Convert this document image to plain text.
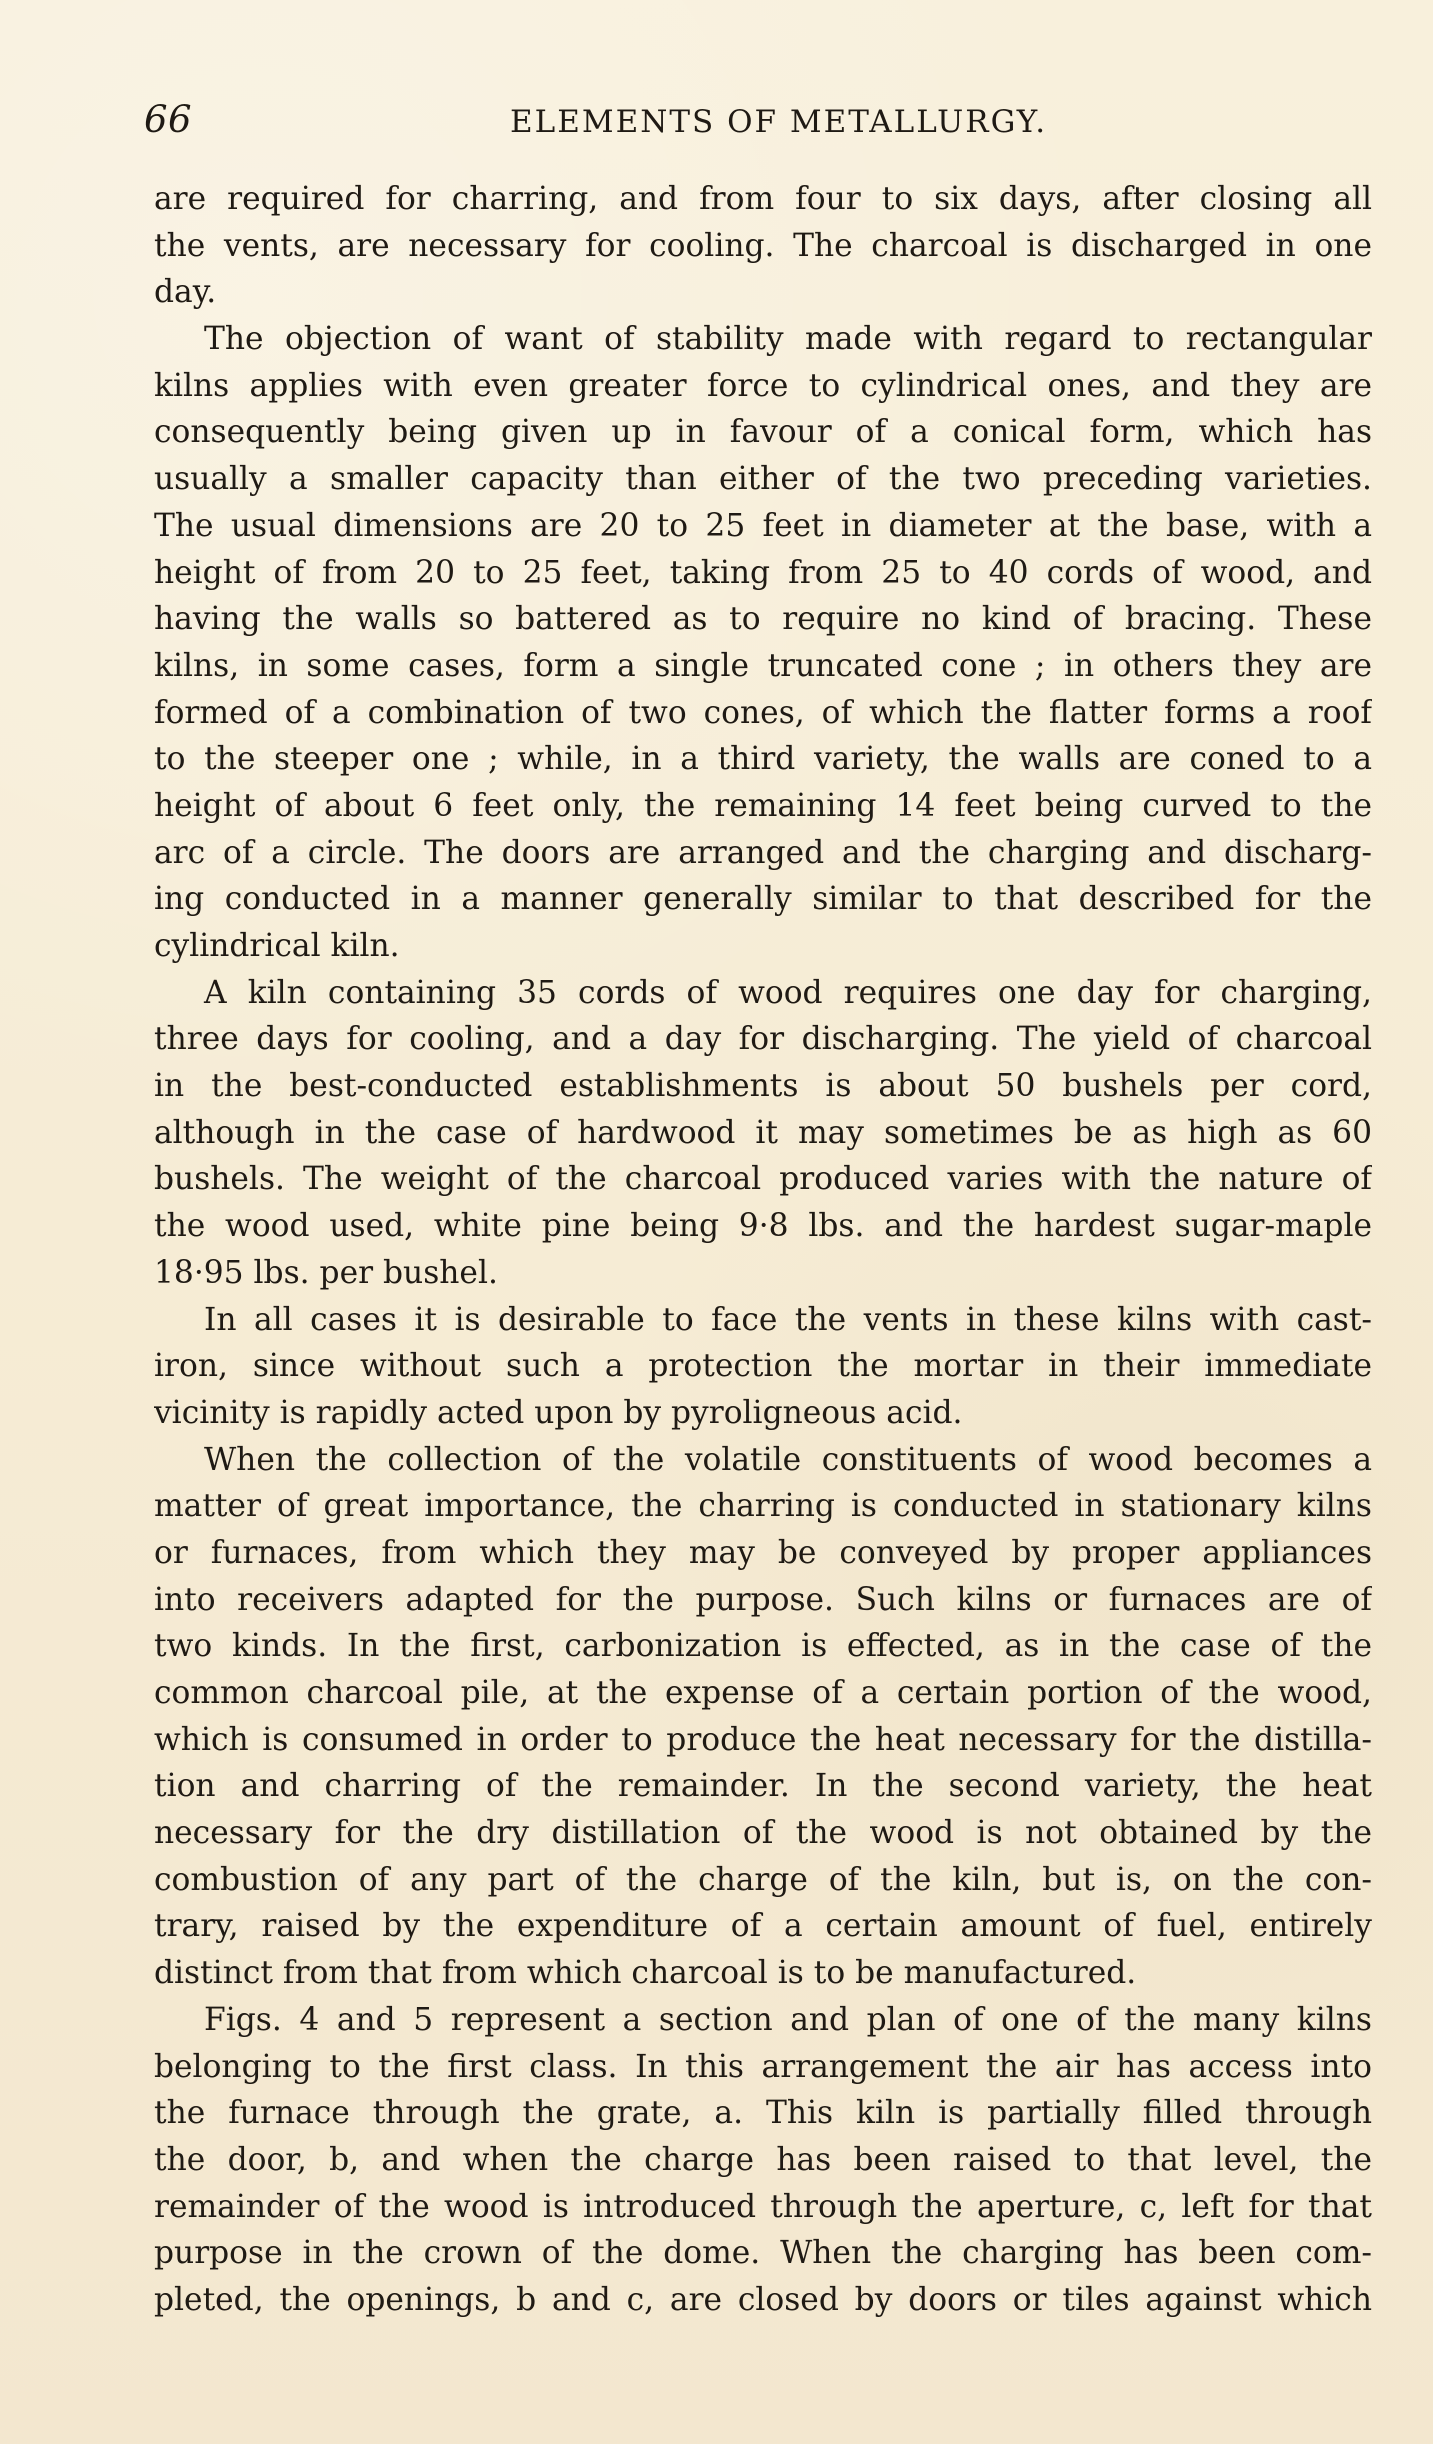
66	ELEMENTS OF METALLURGY.
are required for charring, and from four to six days, after closing all
the vents, are necessary for cooling. The charcoal is discharged in one
day.
The objection of want of stability made with regard to rectangular
kilns applies with even greater force to cylindrical ones, and they are
consequently being given up in favour of a conical form, which has
usually a smaller capacity than either of the two preceding varieties.
The usual dimensions are 20 to 25 feet in diameter at the base, with a
height of from 20 to 25 feet, taking from 25 to 40 cords of wood, and
having the walls so battered as to require no kind of bracing. These
kilns, in some cases, form a single truncated cone ; in others they are
formed of a combination of two cones, of which the flatter forms a roof
to the steeper one ; while, in a third variety, the walls are coned to a
height of about 6 feet only, the remaining 14 feet being curved to the
arc of a circle. The doors are arranged and the charging and discharg-
ing conducted in a manner generally similar to that described for the
cylindrical kiln.
A kiln containing 35 cords of wood requires one day for charging,
three days for cooling, and a day for discharging. The yield of charcoal
in the best-conducted establishments is about 50 bushels per cord,
although in the case of hardwood it may sometimes be as high as 60
bushels. The weight of the charcoal produced varies with the nature of
the wood used, white pine being 9·8 lbs. and the hardest sugar-maple
18·95 lbs. per bushel.
In all cases it is desirable to face the vents in these kilns with cast-
iron, since without such a protection the mortar in their immediate
vicinity is rapidly acted upon by pyroligneous acid.
When the collection of the volatile constituents of wood becomes a
matter of great importance, the charring is conducted in stationary kilns
or furnaces, from which they may be conveyed by proper appliances
into receivers adapted for the purpose. Such kilns or furnaces are of
two kinds. In the first, carbonization is effected, as in the case of the
common charcoal pile, at the expense of a certain portion of the wood,
which is consumed in order to produce the heat necessary for the distilla-
tion and charring of the remainder. In the second variety, the heat
necessary for the dry distillation of the wood is not obtained by the
combustion of any part of the charge of the kiln, but is, on the con-
trary, raised by the expenditure of a certain amount of fuel, entirely
distinct from that from which charcoal is to be manufactured.
Figs. 4 and 5 represent a section and plan of one of the many kilns
belonging to the first class. In this arrangement the air has access into
the furnace through the grate, a. This kiln is partially filled through
the door, b, and when the charge has been raised to that level, the
remainder of the wood is introduced through the aperture, c, left for that
purpose in the crown of the dome. When the charging has been com-
pleted, the openings, b and c, are closed by doors or tiles against which
